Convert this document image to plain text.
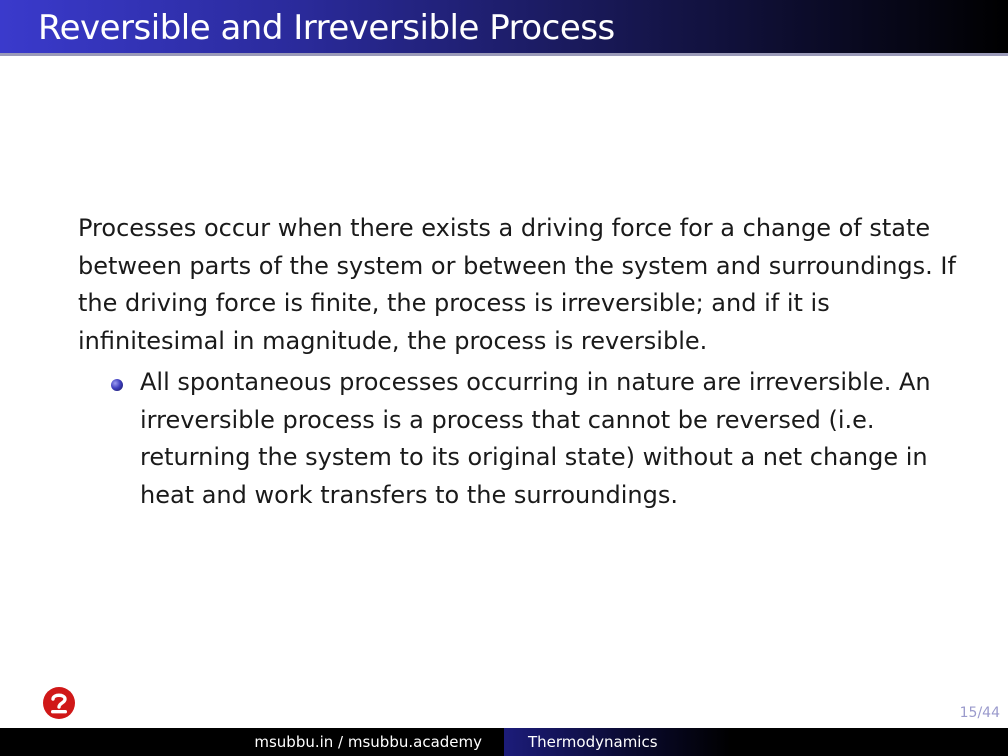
Reversible and Irreversible Process
Processes occur when there exists a driving force for a change of state between parts of the system or between the system and surroundings. If the driving force is finite, the process is irreversible; and if it is infinitesimal in magnitude, the process is reversible.
All spontaneous processes occurring in nature are irreversible. An irreversible process is a process that cannot be reversed (i.e. returning the system to its original state) without a net change in heat and work transfers to the surroundings.
15/44
msubbu.in / msubbu.academy	Thermodynamics
